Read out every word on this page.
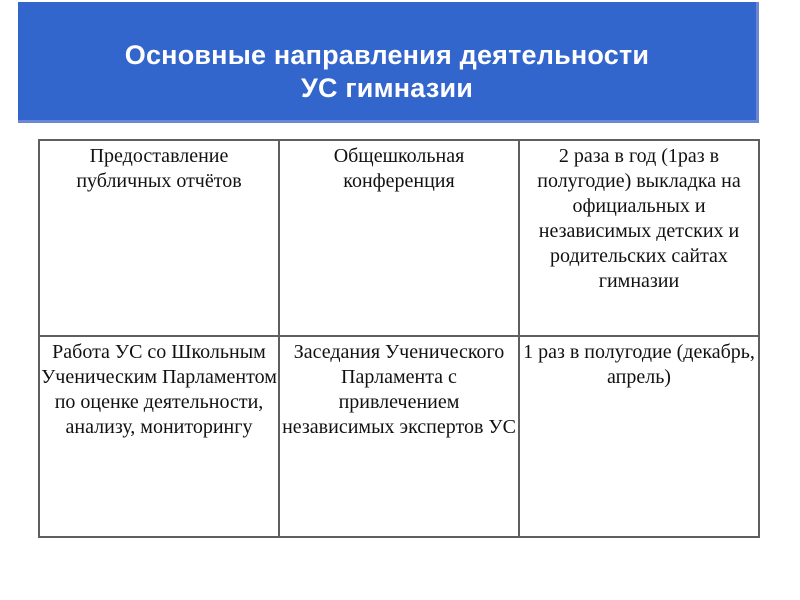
Основные направления деятельности
УС гимназии
Предоставление публичных отчётов	Общешкольная конференция	2 раза в год (1раз в полугодие) выкладка на официальных и независимых детских и родительских сайтах гимназии
Работа УС со Школьным Ученическим Парламентом по оценке деятельности, анализу, мониторингу	Заседания Ученического Парламента с привлечением независимых экспертов УС	1 раз в полугодие (декабрь, апрель)
